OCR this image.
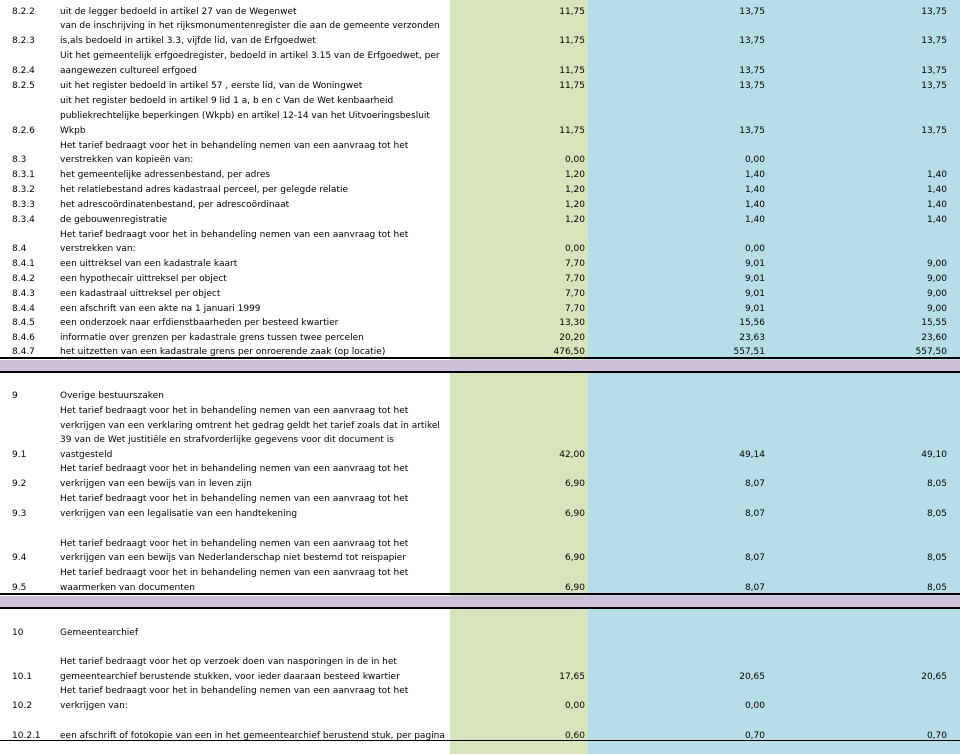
8.2.2	uit de legger bedoeld in artikel 27 van de Wegenwet	11,75	13,75	13,75
van de inschrijving in het rijksmonumentenregister die aan de gemeente verzonden
8.2.3	is,als bedoeld in artikel 3.3, vijfde lid, van de Erfgoedwet	11,75	13,75	13,75
Uit het gemeentelijk erfgoedregister, bedoeld in artikel 3.15 van de Erfgoedwet, per
8.2.4	aangewezen cultureel erfgoed	11,75	13,75	13,75
8.2.5	uit het register bedoeld in artikel 57 , eerste lid, van de Woningwet	11,75	13,75	13,75
uit het register bedoeld in artikel 9 lid 1 a, b en c Van de Wet kenbaarheid
publiekrechtelijke beperkingen (Wkpb) en artikel 12-14 van het Uitvoeringsbesluit
8.2.6	Wkpb	11,75	13,75	13,75
Het tarief bedraagt voor het in behandeling nemen van een aanvraag tot het
8.3	verstrekken van kopieën van:	0,00	0,00
8.3.1	het gemeentelijke adressenbestand, per adres	1,20	1,40	1,40
8.3.2	het relatiebestand adres kadastraal perceel, per gelegde relatie	1,20	1,40	1,40
8.3.3	het adrescoördinatenbestand, per adrescoördinaat	1,20	1,40	1,40
8.3.4	de gebouwenregistratie	1,20	1,40	1,40
Het tarief bedraagt voor het in behandeling nemen van een aanvraag tot het
8.4	verstrekken van:	0,00	0,00
8.4.1	een uittreksel van een kadastrale kaart	7,70	9,01	9,00
8.4.2	een hypothecair uittreksel per object	7,70	9,01	9,00
8.4.3	een kadastraal uittreksel per object	7,70	9,01	9,00
8.4.4	een afschrift van een akte na 1 januari 1999	7,70	9,01	9,00
8.4.5	een onderzoek naar erfdienstbaarheden per besteed kwartier	13,30	15,56	15,55
8.4.6	informatie over grenzen per kadastrale grens tussen twee percelen	20,20	23,63	23,60
8.4.7	het uitzetten van een kadastrale grens per onroerende zaak (op locatie)	476,50	557,51	557,50
9	Overige bestuurszaken
Het tarief bedraagt voor het in behandeling nemen van een aanvraag tot het
verkrijgen van een verklaring omtrent het gedrag geldt het tarief zoals dat in artikel
39 van de Wet justitiële en strafvorderlijke gegevens voor dit document is
9.1	vastgesteld	42,00	49,14	49,10
Het tarief bedraagt voor het in behandeling nemen van een aanvraag tot het
9.2	verkrijgen van een bewijs van in leven zijn	6,90	8,07	8,05
Het tarief bedraagt voor het in behandeling nemen van een aanvraag tot het
9.3	verkrijgen van een legalisatie van een handtekening	6,90	8,07	8,05
Het tarief bedraagt voor het in behandeling nemen van een aanvraag tot het
9.4	verkrijgen van een bewijs van Nederlanderschap niet bestemd tot reispapier	6,90	8,07	8,05
Het tarief bedraagt voor het in behandeling nemen van een aanvraag tot het
9.5	waarmerken van documenten	6,90	8,07	8,05
10	Gemeentearchief
Het tarief bedraagt voor het op verzoek doen van nasporingen in de in het
10.1	gemeentearchief berustende stukken, voor ieder daaraan besteed kwartier	17,65	20,65	20,65
Het tarief bedraagt voor het in behandeling nemen van een aanvraag tot het
10.2	verkrijgen van:	0,00	0,00
10.2.1	een afschrift of fotokopie van een in het gemeentearchief berustend stuk, per pagina	0,60	0,70	0,70
